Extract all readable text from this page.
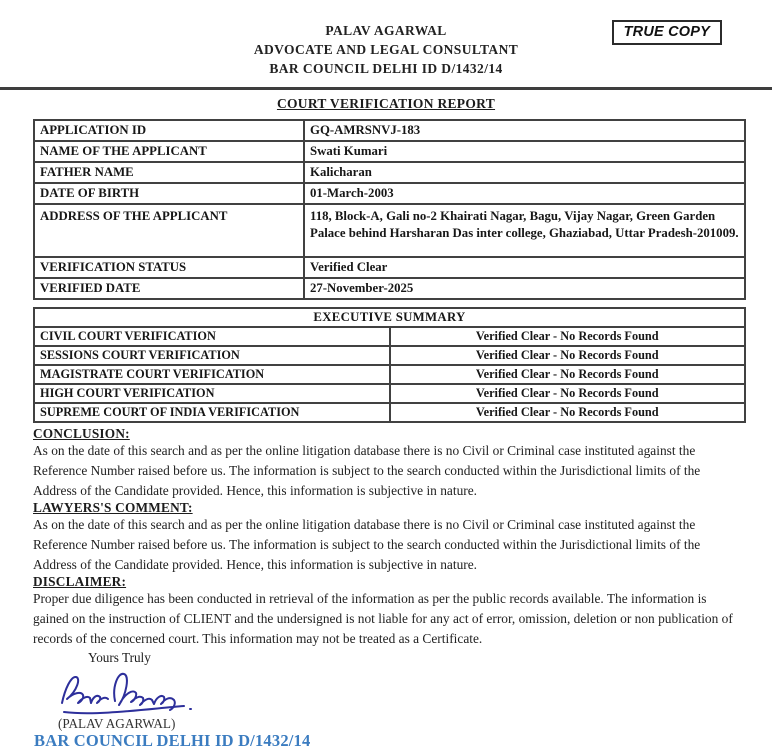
PALAV AGARWAL
ADVOCATE AND LEGAL CONSULTANT
BAR COUNCIL DELHI ID D/1432/14
TRUE COPY
COURT VERIFICATION REPORT
APPLICATION ID	GQ-AMRSNVJ-183
NAME OF THE APPLICANT	Swati Kumari
FATHER NAME	Kalicharan
DATE OF BIRTH	01-March-2003
ADDRESS OF THE APPLICANT	118, Block-A, Gali no-2 Khairati Nagar, Bagu, Vijay Nagar, Green Garden Palace behind Harsharan Das inter college, Ghaziabad, Uttar Pradesh-201009.
VERIFICATION STATUS	Verified Clear
VERIFIED DATE	27-November-2025
EXECUTIVE SUMMARY	
CIVIL COURT VERIFICATION	Verified Clear - No Records Found
SESSIONS COURT VERIFICATION	Verified Clear - No Records Found
MAGISTRATE COURT VERIFICATION	Verified Clear - No Records Found
HIGH COURT VERIFICATION	Verified Clear - No Records Found
SUPREME COURT OF INDIA VERIFICATION	Verified Clear - No Records Found

CONCLUSION:

As on the date of this search and as per the online litigation database there is no Civil or Criminal case instituted against the Reference Number raised before us. The information is subject to the search conducted within the Jurisdictional limits of the Address of the Candidate provided. Hence, this information is subjective in nature.

LAWYERS'S COMMENT:

As on the date of this search and as per the online litigation database there is no Civil or Criminal case instituted against the Reference Number raised before us. The information is subject to the search conducted within the Jurisdictional limits of the Address of the Candidate provided. Hence, this information is subjective in nature.

DISCLAIMER:

Proper due diligence has been conducted in retrieval of the information as per the public records available. The information is gained on the instruction of CLIENT and the undersigned is not liable for any act of error, omission, deletion or non publication of records of the concerned court. This information may not be treated as a Certificate.

Yours Truly
(PALAV AGARWAL)
BAR COUNCIL DELHI ID D/1432/14
